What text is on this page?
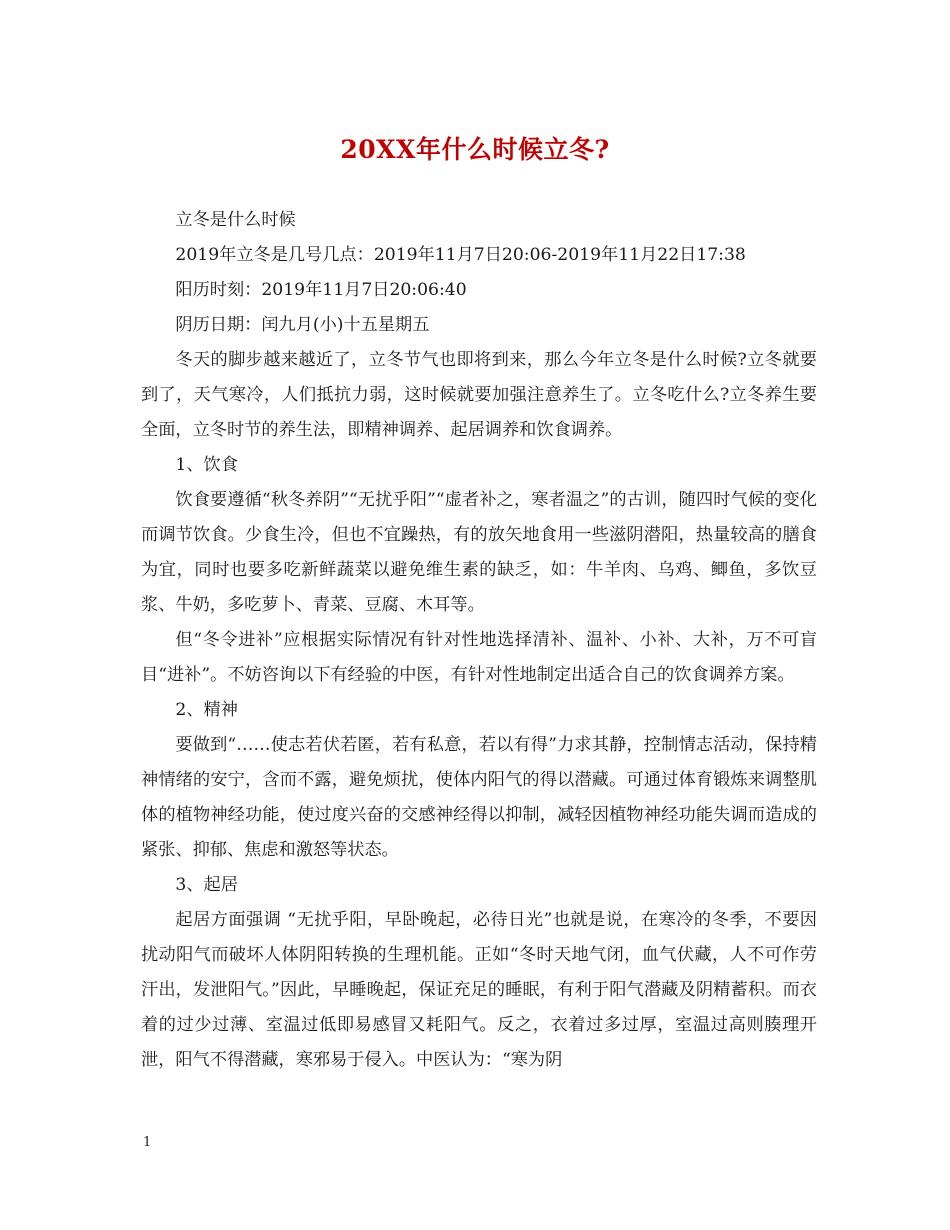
20XX年什么时候立冬?

立冬是什么时候

2019年立冬是几号几点：2019年11月7日20:06-2019年11月22日17:38

阳历时刻：2019年11月7日20:06:40

阴历日期：闰九月(小)十五星期五

冬天的脚步越来越近了，立冬节气也即将到来，那么今年立冬是什么时候?立冬就要到了，天气寒冷，人们抵抗力弱，这时候就要加强注意养生了。立冬吃什么?立冬养生要全面，立冬时节的养生法，即精神调养、起居调养和饮食调养。

1、饮食

饮食要遵循“秋冬养阴”“无扰乎阳”“虚者补之，寒者温之”的古训，随四时气候的变化而调节饮食。少食生冷，但也不宜躁热，有的放矢地食用一些滋阴潜阳，热量较高的膳食为宜，同时也要多吃新鲜蔬菜以避免维生素的缺乏，如：牛羊肉、乌鸡、鲫鱼，多饮豆浆、牛奶，多吃萝卜、青菜、豆腐、木耳等。

但“冬令进补”应根据实际情况有针对性地选择清补、温补、小补、大补，万不可盲目“进补”。不妨咨询以下有经验的中医，有针对性地制定出适合自己的饮食调养方案。

2、精神

要做到“……使志若伏若匿，若有私意，若以有得”力求其静，控制情志活动，保持精神情绪的安宁，含而不露，避免烦扰，使体内阳气的得以潜藏。可通过体育锻炼来调整肌体的植物神经功能，使过度兴奋的交感神经得以抑制，减轻因植物神经功能失调而造成的紧张、抑郁、焦虑和激怒等状态。

3、起居

起居方面强调 “无扰乎阳，早卧晚起，必待日光”也就是说，在寒冷的冬季，不要因扰动阳气而破坏人体阴阳转换的生理机能。正如“冬时天地气闭，血气伏藏，人不可作劳汗出，发泄阳气。”因此，早睡晚起，保证充足的睡眠，有利于阳气潜藏及阴精蓄积。而衣着的过少过薄、室温过低即易感冒又耗阳气。反之，衣着过多过厚，室温过高则腠理开泄，阳气不得潜藏，寒邪易于侵入。中医认为：“寒为阴

1
